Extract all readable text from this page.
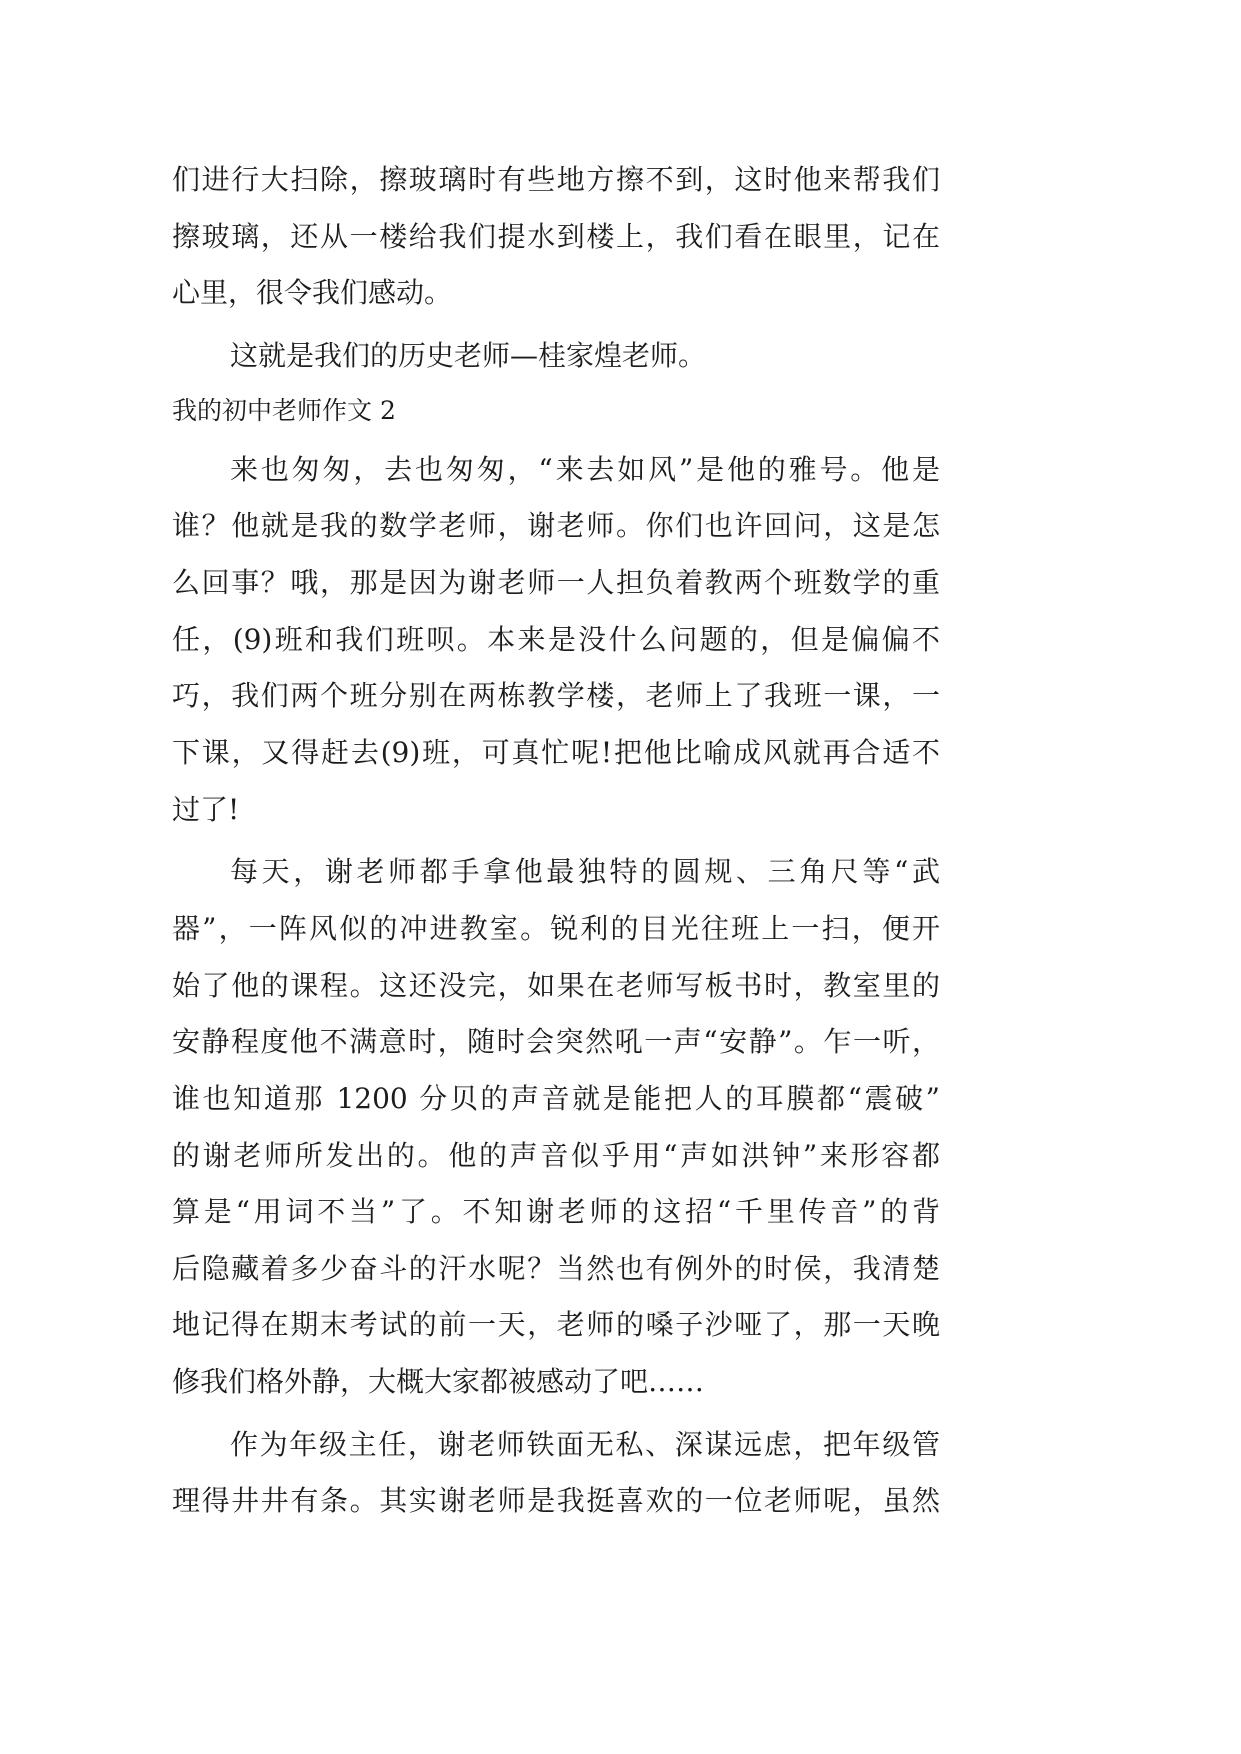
们进行大扫除，擦玻璃时有些地方擦不到，这时他来帮我们
擦玻璃，还从一楼给我们提水到楼上，我们看在眼里，记在
心里，很令我们感动。
这就是我们的历史老师—桂家煌老师。
我的初中老师作文 2
来也匆匆，去也匆匆，“来去如风”是他的雅号。他是
谁？他就是我的数学老师，谢老师。你们也许回问，这是怎
么回事？哦，那是因为谢老师一人担负着教两个班数学的重
任，(9)班和我们班呗。本来是没什么问题的，但是偏偏不
巧，我们两个班分别在两栋教学楼，老师上了我班一课，一
下课，又得赶去(9)班，可真忙呢!把他比喻成风就再合适不
过了!
每天，谢老师都手拿他最独特的圆规、三角尺等“武
器”，一阵风似的冲进教室。锐利的目光往班上一扫，便开
始了他的课程。这还没完，如果在老师写板书时，教室里的
安静程度他不满意时，随时会突然吼一声“安静”。乍一听，
谁也知道那 1200 分贝的声音就是能把人的耳膜都“震破”
的谢老师所发出的。他的声音似乎用“声如洪钟”来形容都
算是“用词不当”了。不知谢老师的这招“千里传音”的背
后隐藏着多少奋斗的汗水呢？当然也有例外的时侯，我清楚
地记得在期末考试的前一天，老师的嗓子沙哑了，那一天晚
修我们格外静，大概大家都被感动了吧……
作为年级主任，谢老师铁面无私、深谋远虑，把年级管
理得井井有条。其实谢老师是我挺喜欢的一位老师呢，虽然
